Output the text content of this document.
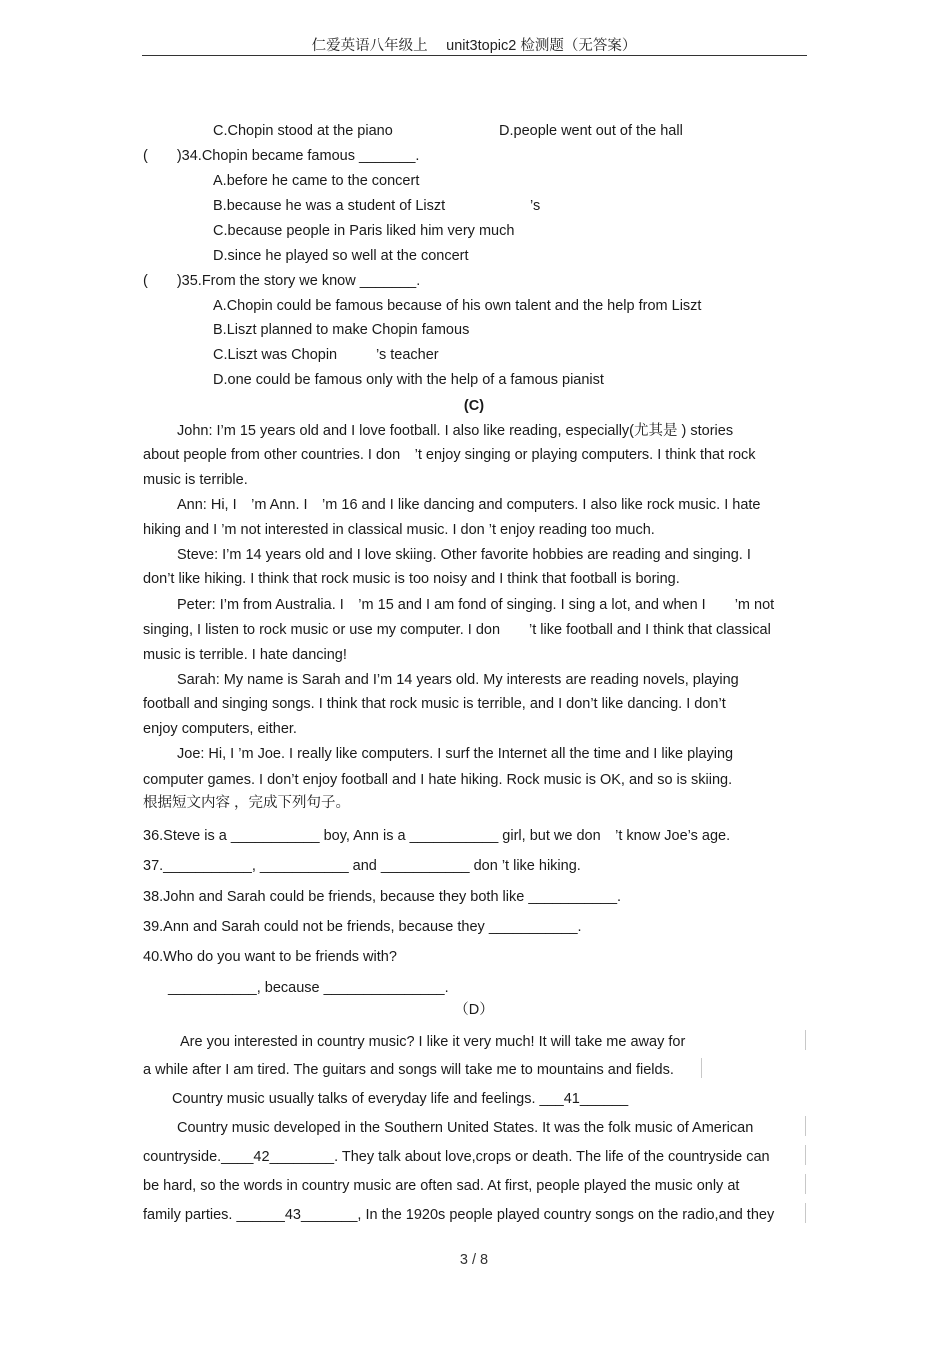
仁爱英语八年级上　 unit3topic2 检测题（无答案）
C.Chopin stood at the piano	D.people went out of the hall
(　　)34.Chopin became famous _______.
A.before he came to the concert
B.because he was a student of Liszt	’s
C.because people in Paris liked him very much
D.since he played so well at the concert
(　　)35.From the story we know _______.
A.Chopin could be famous because of his own talent and the help from Liszt
B.Liszt planned to make Chopin famous
C.Liszt was Chopin	’s teacher
D.one could be famous only with the help of a famous pianist
(C)
John: I’m 15 years old and I love football. I also like reading, especially(尤其是 ) stories
about people from other countries. I don　’t enjoy singing or playing computers. I think that rock
music is terrible.
Ann: Hi, I　’m Ann. I　’m 16 and I like dancing and computers. I also like rock music. I hate
hiking and I ’m not interested in classical music. I don ’t enjoy reading too much.
Steve: I’m 14 years old and I love skiing. Other favorite hobbies are reading and singing. I
don’t like hiking. I think that rock music is too noisy and I think that football is boring.
Peter: I’m from Australia. I　’m 15 and I am fond of singing. I sing a lot, and when I　　’m not
singing, I listen to rock music or use my computer. I don　　’t like football and I think that classical
music is terrible. I hate dancing!
Sarah: My name is Sarah and I’m 14 years old. My interests are reading novels, playing
football and singing songs. I think that rock music is terrible, and I don’t like dancing. I don’t
enjoy computers, either.
Joe: Hi, I ’m Joe. I really like computers. I surf the Internet all the time and I like playing
computer games. I don’t enjoy football and I hate hiking. Rock music is OK, and so is skiing.
根据短文内容 ，完成下列句子。
36.Steve is a ___________ boy, Ann is a ___________ girl, but we don　’t know Joe’s age.
37.___________, ___________ and ___________ don ’t like hiking.
38.John and Sarah could be friends, because they both like ___________.
39.Ann and Sarah could not be friends, because they ___________.
40.Who do you want to be friends with?
___________, because _______________.
（D）
Are you interested in country music? I like it very much! It will take me away for
a while after I am tired. The guitars and songs will take me to mountains and fields.
Country music usually talks of everyday life and feelings. ___41______
Country music developed in the Southern United States. It was the folk music of American
countryside.____42________. They talk about love,crops or death. The life of the countryside can
be hard, so the words in country music are often sad. At first, people played the music only at
family parties. ______43_______, In the 1920s people played country songs on the radio,and they
3 / 8
